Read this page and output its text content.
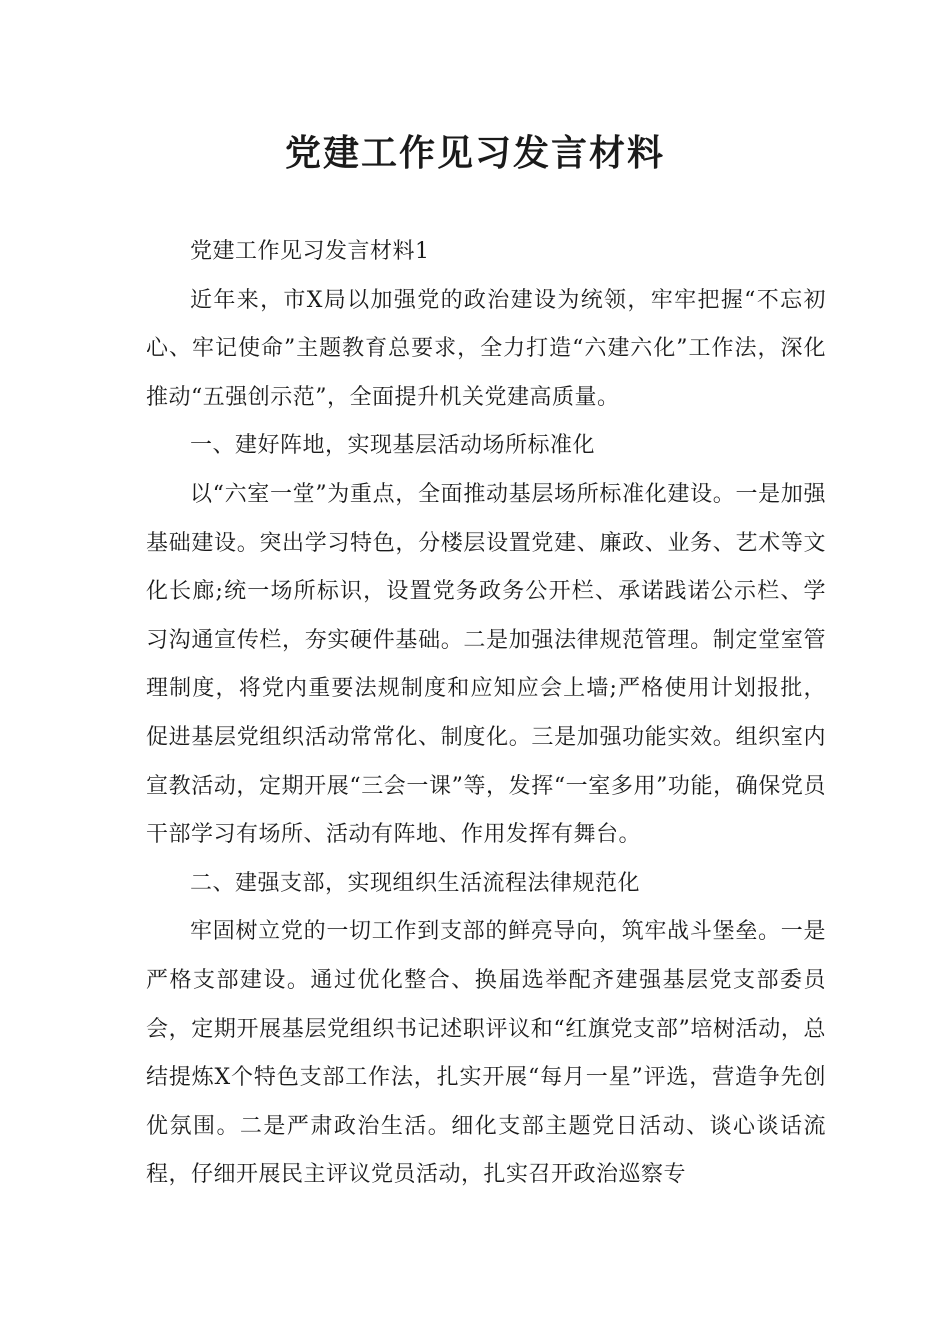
党建工作见习发言材料

党建工作见习发言材料1

近年来，市X局以加强党的政治建设为统领，牢牢把握“不忘初心、牢记使命”主题教育总要求，全力打造“六建六化”工作法，深化推动“五强创示范”，全面提升机关党建高质量。

一、建好阵地，实现基层活动场所标准化

以“六室一堂”为重点，全面推动基层场所标准化建设。一是加强基础建设。突出学习特色，分楼层设置党建、廉政、业务、艺术等文化长廊;统一场所标识，设置党务政务公开栏、承诺践诺公示栏、学习沟通宣传栏，夯实硬件基础。二是加强法律规范管理。制定堂室管理制度，将党内重要法规制度和应知应会上墙;严格使用计划报批，促进基层党组织活动常常化、制度化。三是加强功能实效。组织室内宣教活动，定期开展“三会一课”等，发挥“一室多用”功能，确保党员干部学习有场所、活动有阵地、作用发挥有舞台。

二、建强支部，实现组织生活流程法律规范化

牢固树立党的一切工作到支部的鲜亮导向，筑牢战斗堡垒。一是严格支部建设。通过优化整合、换届选举配齐建强基层党支部委员会，定期开展基层党组织书记述职评议和“红旗党支部”培树活动，总结提炼X个特色支部工作法，扎实开展“每月一星”评选，营造争先创优氛围。二是严肃政治生活。细化支部主题党日活动、谈心谈话流程，仔细开展民主评议党员活动，扎实召开政治巡察专
